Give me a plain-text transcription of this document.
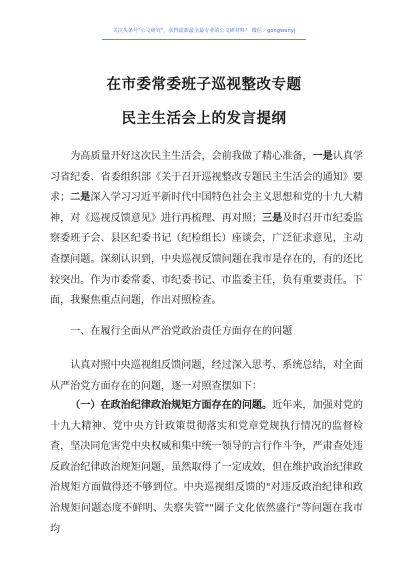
关注头条号"公文研究"，获得最新最全最专业的公文研材料！ 微信：gongwenyj
在市委常委班子巡视整改专题
民主生活会上的发言提纲

为高质量开好这次民主生活会，会前我做了精心准备，一是认真学习省纪委、省委组织部《关于召开巡视整改专题民主生活会的通知》要求；二是深入学习习近平新时代中国特色社会主义思想和党的十九大精神，对《巡视反馈意见》进行再梳理、再对照；三是及时召开市纪委监察委班子会、县区纪委书记（纪检组长）座谈会，广泛征求意见，主动查摆问题。深刻认识到，中央巡视反馈问题在我市是存在的，有的还比较突出。作为市委常委、市纪委书记、市监委主任，负有重要责任。下面，我聚焦重点问题，作出对照检查。

一、在履行全面从严治党政治责任方面存在的问题

认真对照中央巡视组反馈问题，经过深入思考、系统总结，对全面从严治党方面存在的问题，逐一对照查摆如下：

（一）在政治纪律政治规矩方面存在的问题。近年来，加强对党的十九大精神、党中央方针政策贯彻落实和党章党规执行情况的监督检查，坚决同危害党中央权威和集中统一领导的言行作斗争，严肃查处违反政治纪律政治规矩问题，虽然取得了一定成效，但在维护政治纪律政治规矩方面做得还不够到位。中央巡视组反馈的"对违反政治纪律和政治规矩问题态度不鲜明、失察失管""圈子文化依然盛行"等问题在我市均
